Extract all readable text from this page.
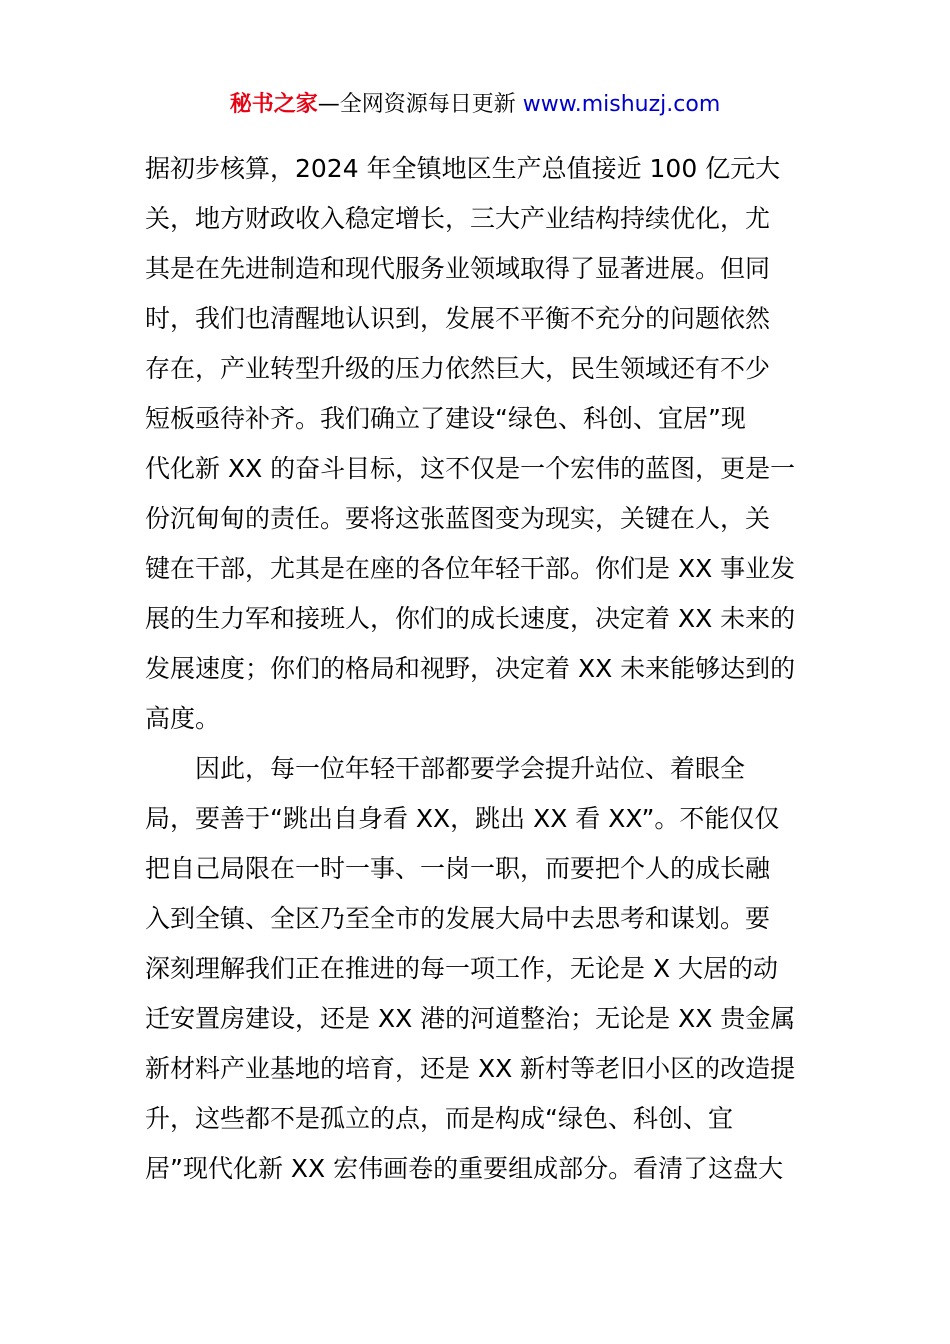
秘书之家—全网资源每日更新 www.mishuzj.com
据初步核算，2024 年全镇地区生产总值接近 100 亿元大
关，地方财政收入稳定增长，三大产业结构持续优化，尤
其是在先进制造和现代服务业领域取得了显著进展。但同
时，我们也清醒地认识到，发展不平衡不充分的问题依然
存在，产业转型升级的压力依然巨大，民生领域还有不少
短板亟待补齐。我们确立了建设“绿色、科创、宜居”现
代化新 XX 的奋斗目标，这不仅是一个宏伟的蓝图，更是一
份沉甸甸的责任。要将这张蓝图变为现实，关键在人，关
键在干部，尤其是在座的各位年轻干部。你们是 XX 事业发
展的生力军和接班人，你们的成长速度，决定着 XX 未来的
发展速度；你们的格局和视野，决定着 XX 未来能够达到的
高度。
因此，每一位年轻干部都要学会提升站位、着眼全
局，要善于“跳出自身看 XX，跳出 XX 看 XX”。不能仅仅
把自己局限在一时一事、一岗一职，而要把个人的成长融
入到全镇、全区乃至全市的发展大局中去思考和谋划。要
深刻理解我们正在推进的每一项工作，无论是 X 大居的动
迁安置房建设，还是 XX 港的河道整治；无论是 XX 贵金属
新材料产业基地的培育，还是 XX 新村等老旧小区的改造提
升，这些都不是孤立的点，而是构成“绿色、科创、宜
居”现代化新 XX 宏伟画卷的重要组成部分。看清了这盘大
